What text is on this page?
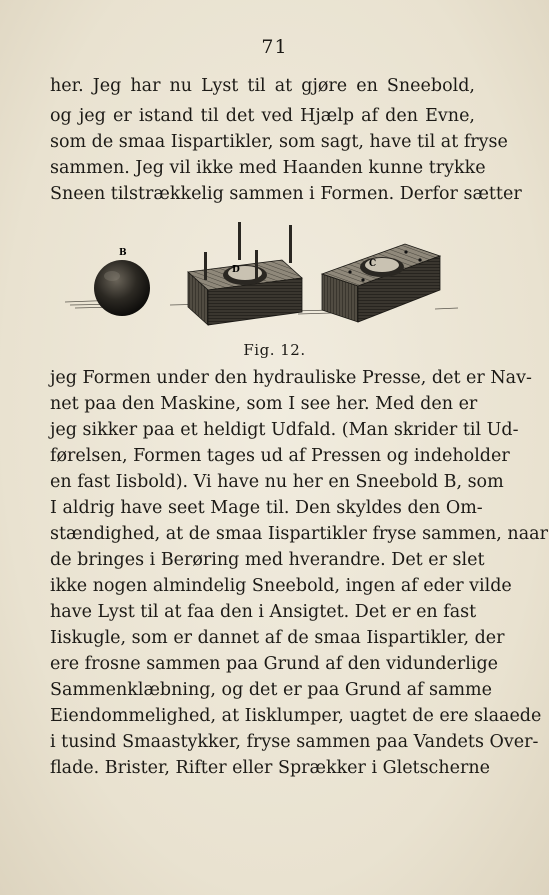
71
her. Jeg har nu Lyst til at gjøre en Sneebold,
og jeg er istand til det ved Hjælp af den Evne,
som de smaa Iispartikler, som sagt, have til at fryse
sammen. Jeg vil ikke med Haanden kunne trykke
Sneen tilstrækkelig sammen i Formen. Derfor sætter
B
D
C
Fig. 12.
jeg Formen under den hydrauliske Presse, det er Nav-
net paa den Maskine, som I see her. Med den er
jeg sikker paa et heldigt Udfald. (Man skrider til Ud-
førelsen, Formen tages ud af Pressen og indeholder
en fast Iisbold). Vi have nu her en Sneebold B, som
I aldrig have seet Mage til. Den skyldes den Om-
stændighed, at de smaa Iispartikler fryse sammen, naar
de bringes i Berøring med hverandre. Det er slet
ikke nogen almindelig Sneebold, ingen af eder vilde
have Lyst til at faa den i Ansigtet. Det er en fast
Iiskugle, som er dannet af de smaa Iispartikler, der
ere frosne sammen paa Grund af den vidunderlige
Sammenklæbning, og det er paa Grund af samme
Eiendommelighed, at Iisklumper, uagtet de ere slaaede
i tusind Smaastykker, fryse sammen paa Vandets Over-
flade. Brister, Rifter eller Sprækker i Gletscherne
